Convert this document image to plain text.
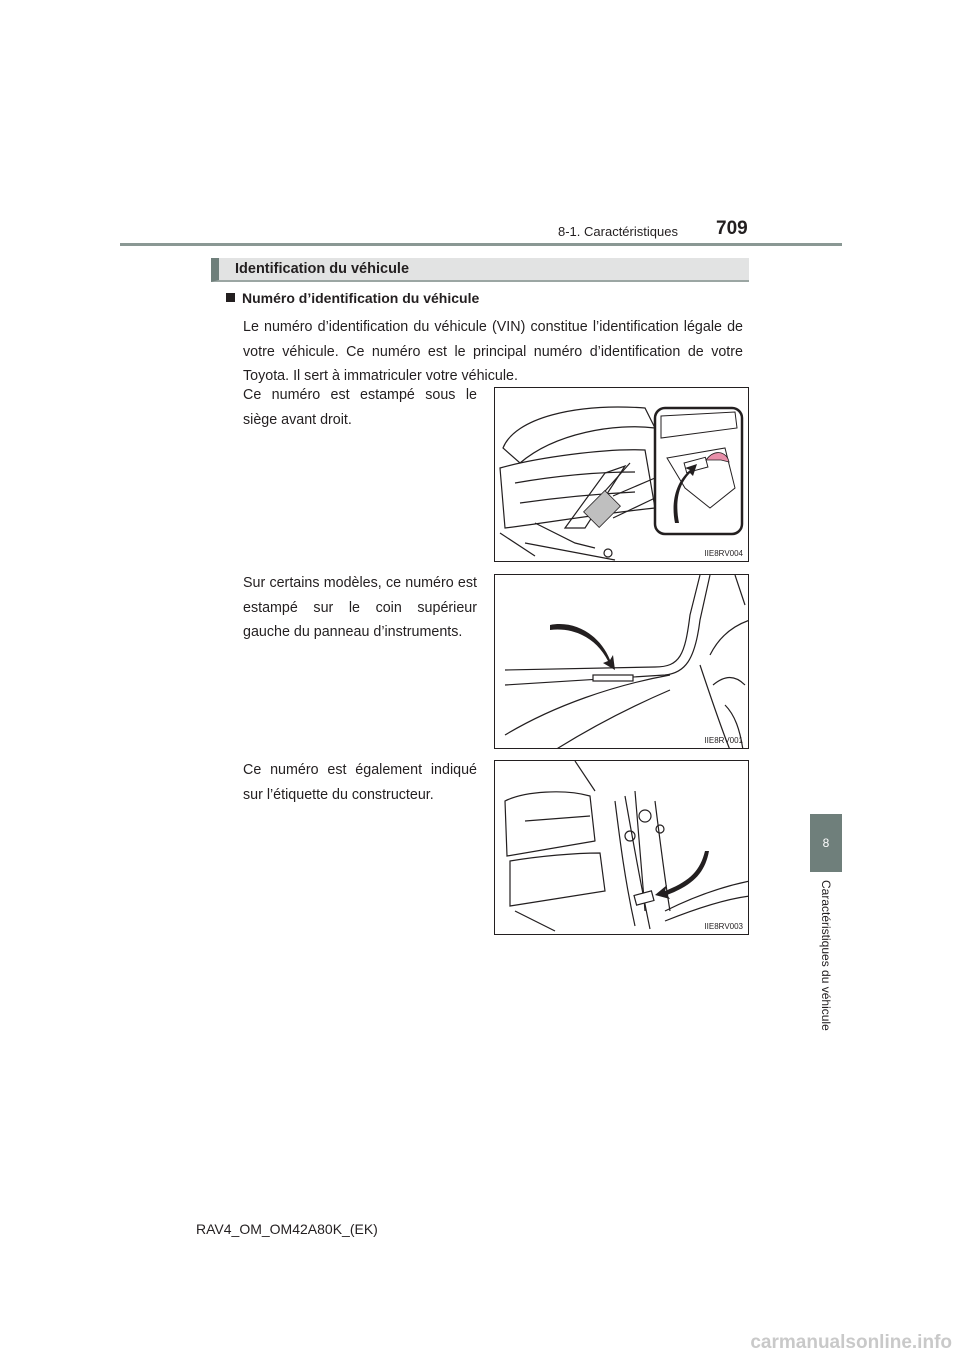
8-1. Caractéristiques 709
8
Caractéristiques du véhicule
Identification du véhicule
Numéro d’identification du véhicule
Le numéro d’identification du véhicule (VIN) constitue l’identification légale de votre véhicule. Ce numéro est le principal numéro d’identification de votre Toyota. Il sert à immatriculer votre véhicule.
Ce numéro est estampé sous le siège avant droit.
IIE8RV004
Sur certains modèles, ce numéro est estampé sur le coin supérieur gauche du panneau d’instruments.
IIE8RV001
Ce numéro est également indiqué sur l’étiquette du constructeur.
IIE8RV003
RAV4_OM_OM42A80K_(EK)
carmanualsonline.info
